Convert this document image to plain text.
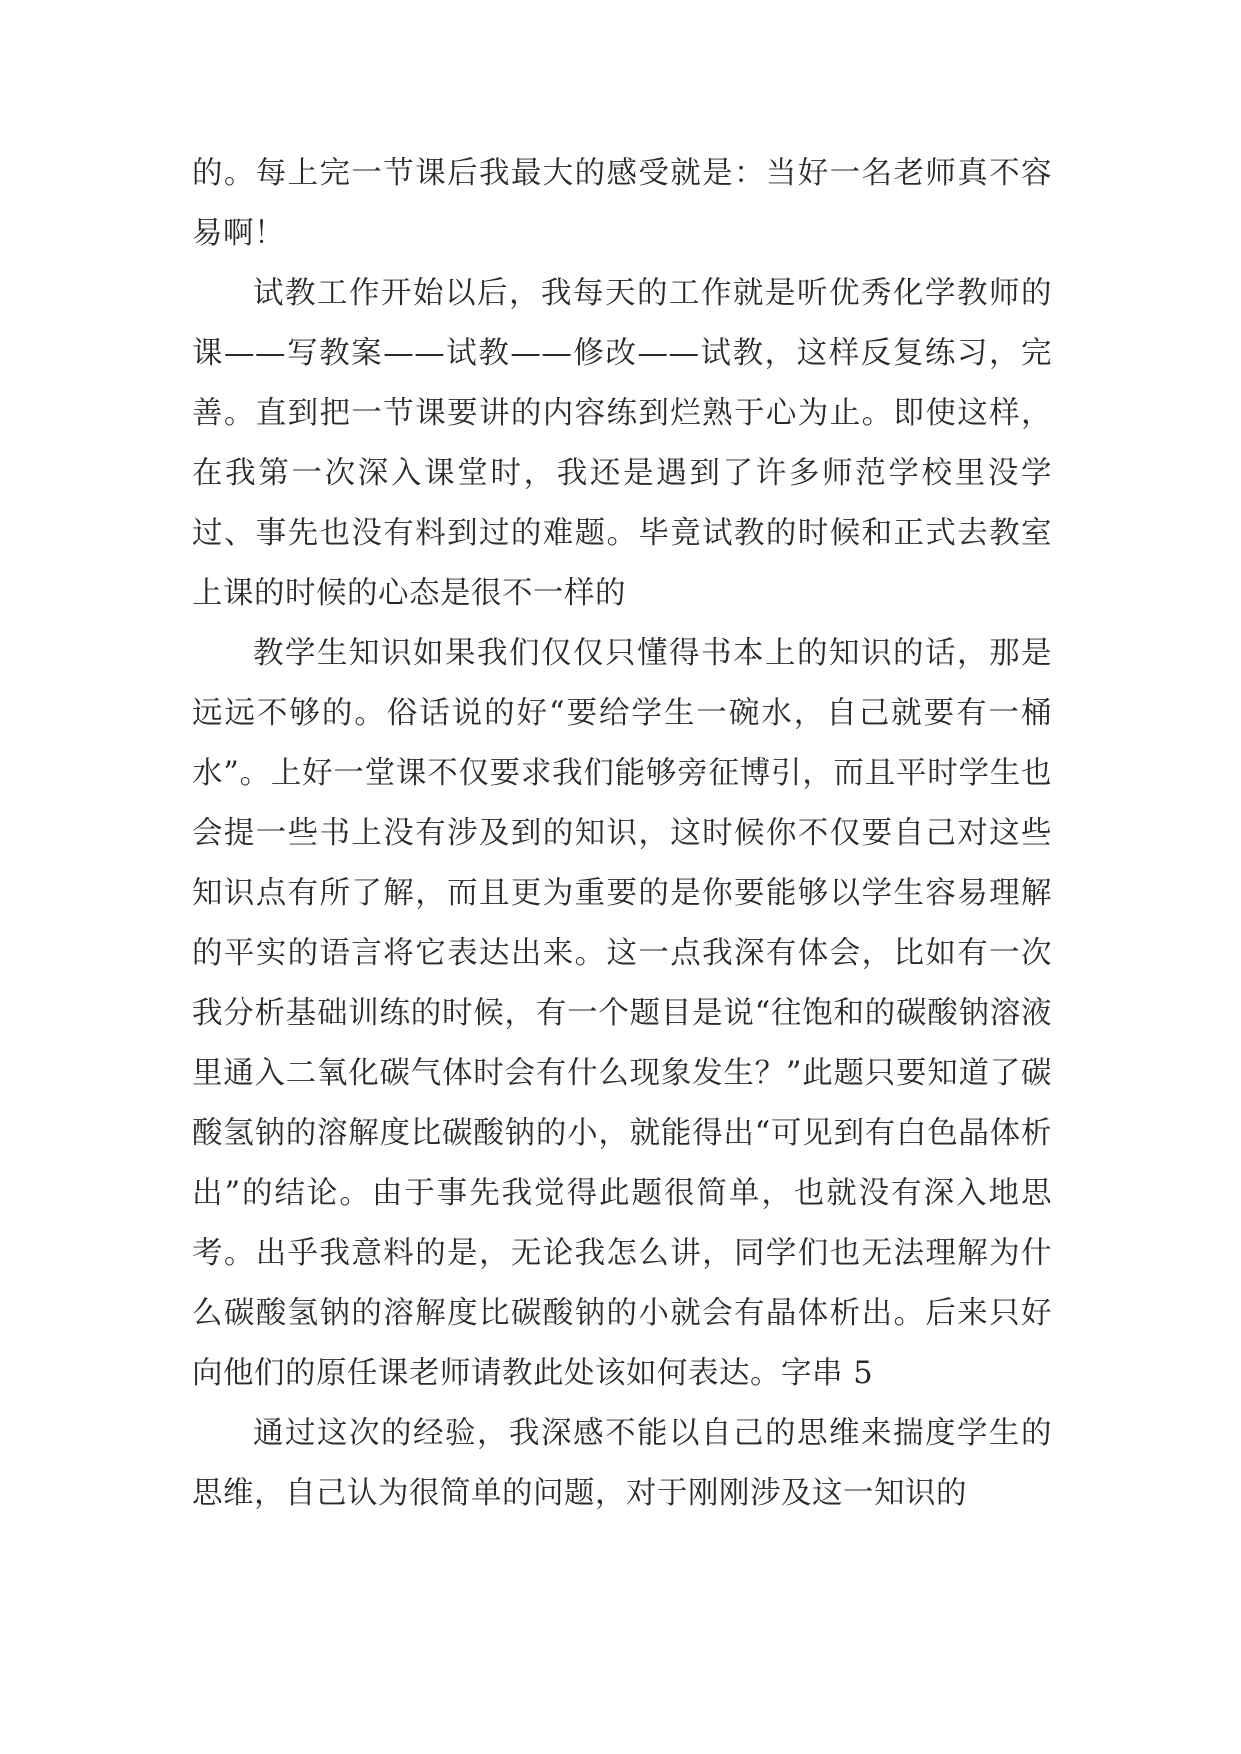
的。每上完一节课后我最大的感受就是：当好一名老师真不容易啊！

试教工作开始以后，我每天的工作就是听优秀化学教师的课——写教案——试教——修改——试教，这样反复练习，完善。直到把一节课要讲的内容练到烂熟于心为止。即使这样，在我第一次深入课堂时，我还是遇到了许多师范学校里没学过、事先也没有料到过的难题。毕竟试教的时候和正式去教室上课的时候的心态是很不一样的

教学生知识如果我们仅仅只懂得书本上的知识的话，那是远远不够的。俗话说的好“要给学生一碗水，自己就要有一桶水”。上好一堂课不仅要求我们能够旁征博引，而且平时学生也会提一些书上没有涉及到的知识，这时候你不仅要自己对这些知识点有所了解，而且更为重要的是你要能够以学生容易理解的平实的语言将它表达出来。这一点我深有体会，比如有一次我分析基础训练的时候，有一个题目是说“往饱和的碳酸钠溶液里通入二氧化碳气体时会有什么现象发生？”此题只要知道了碳酸氢钠的溶解度比碳酸钠的小，就能得出“可见到有白色晶体析出”的结论。由于事先我觉得此题很简单，也就没有深入地思考。出乎我意料的是，无论我怎么讲，同学们也无法理解为什么碳酸氢钠的溶解度比碳酸钠的小就会有晶体析出。后来只好向他们的原任课老师请教此处该如何表达。字串 5

通过这次的经验，我深感不能以自己的思维来揣度学生的思维，自己认为很简单的问题，对于刚刚涉及这一知识的
